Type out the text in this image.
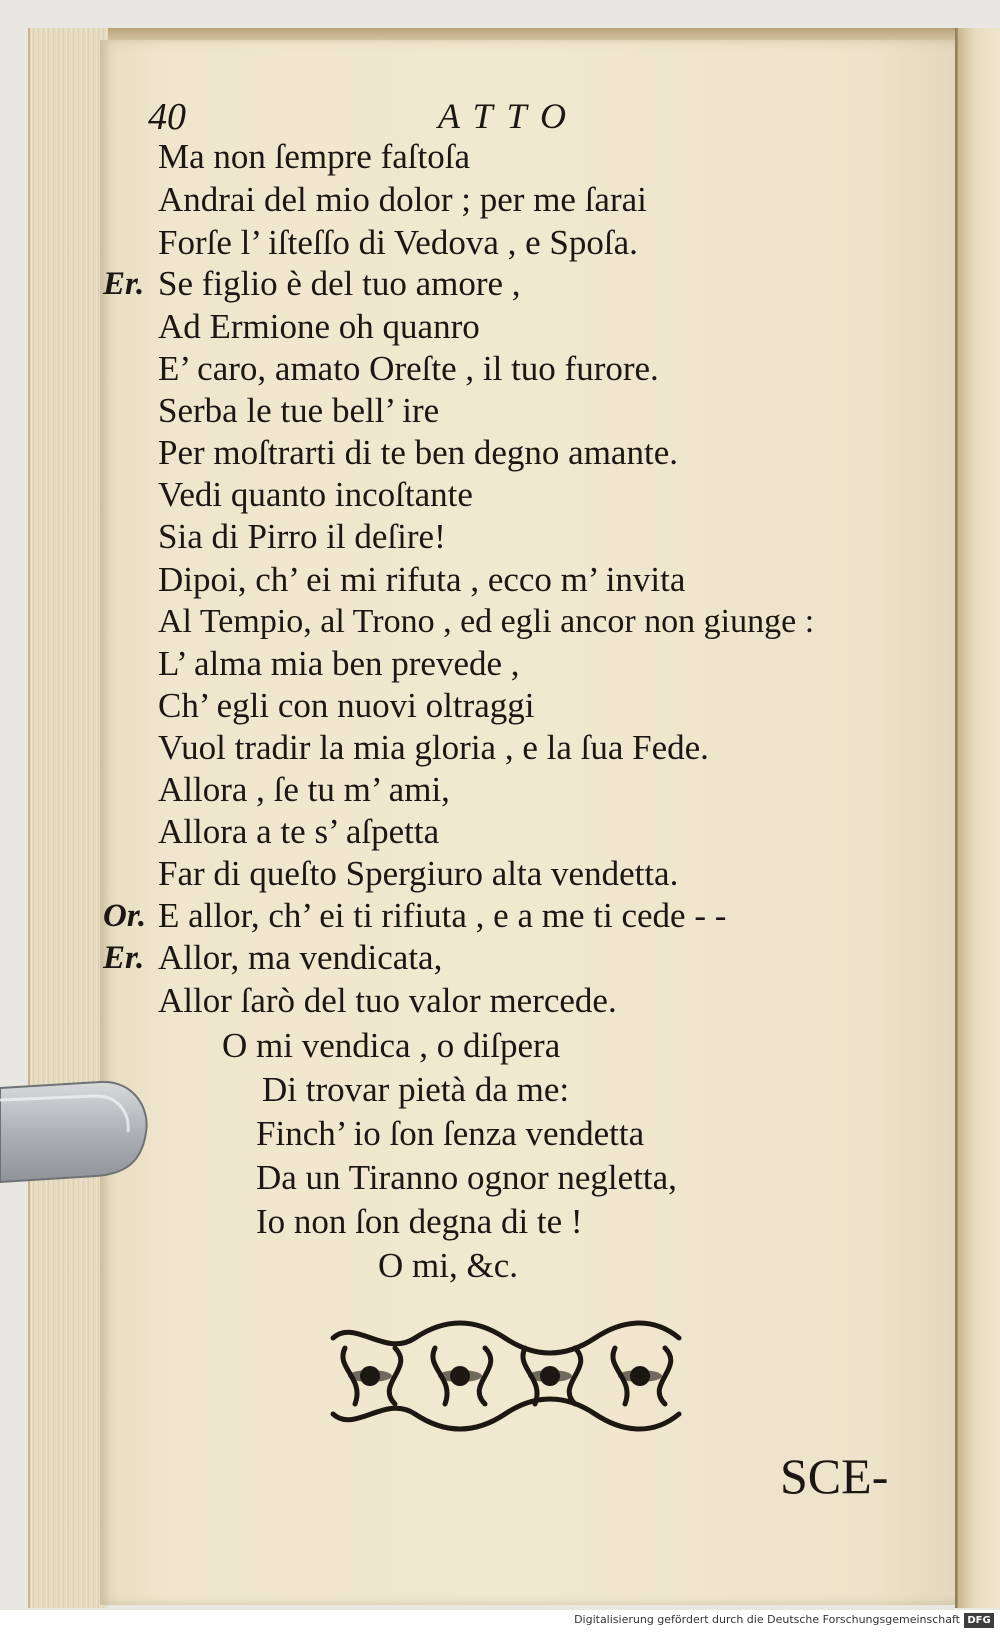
40	ATTO
Ma non ſempre faſtoſa
Andrai del mio dolor ; per me ſarai
Forſe l’ iſteſſo di Vedova , e Spoſa.
Er. Se figlio è del tuo amore ,
Ad Ermione oh quanro
E’ caro, amato Oreſte , il tuo furore.
Serba le tue bell’ ire
Per moſtrarti di te ben degno amante.
Vedi quanto incoſtante
Sia di Pirro il deſire!
Dipoi, ch’ ei mi rifuta , ecco m’ invita
Al Tempio, al Trono , ed egli ancor non giunge :
L’ alma mia ben prevede ,
Ch’ egli con nuovi oltraggi
Vuol tradir la mia gloria , e la ſua Fede.
Allora , ſe tu m’ ami,
Allora a te s’ aſpetta
Far di queſto Spergiuro alta vendetta.
Or. E allor, ch’ ei ti rifiuta , e a me ti cede - -
Er. Allor, ma vendicata,
Allor ſarò del tuo valor mercede.
O mi vendica , o diſpera
Di trovar pietà da me:
Finch’ io ſon ſenza vendetta
Da un Tiranno ognor negletta,
Io non ſon degna di te !
O mi, &c.
SCE-
Digitalisierung gefördert durch die Deutsche Forschungsgemeinschaft DFG
